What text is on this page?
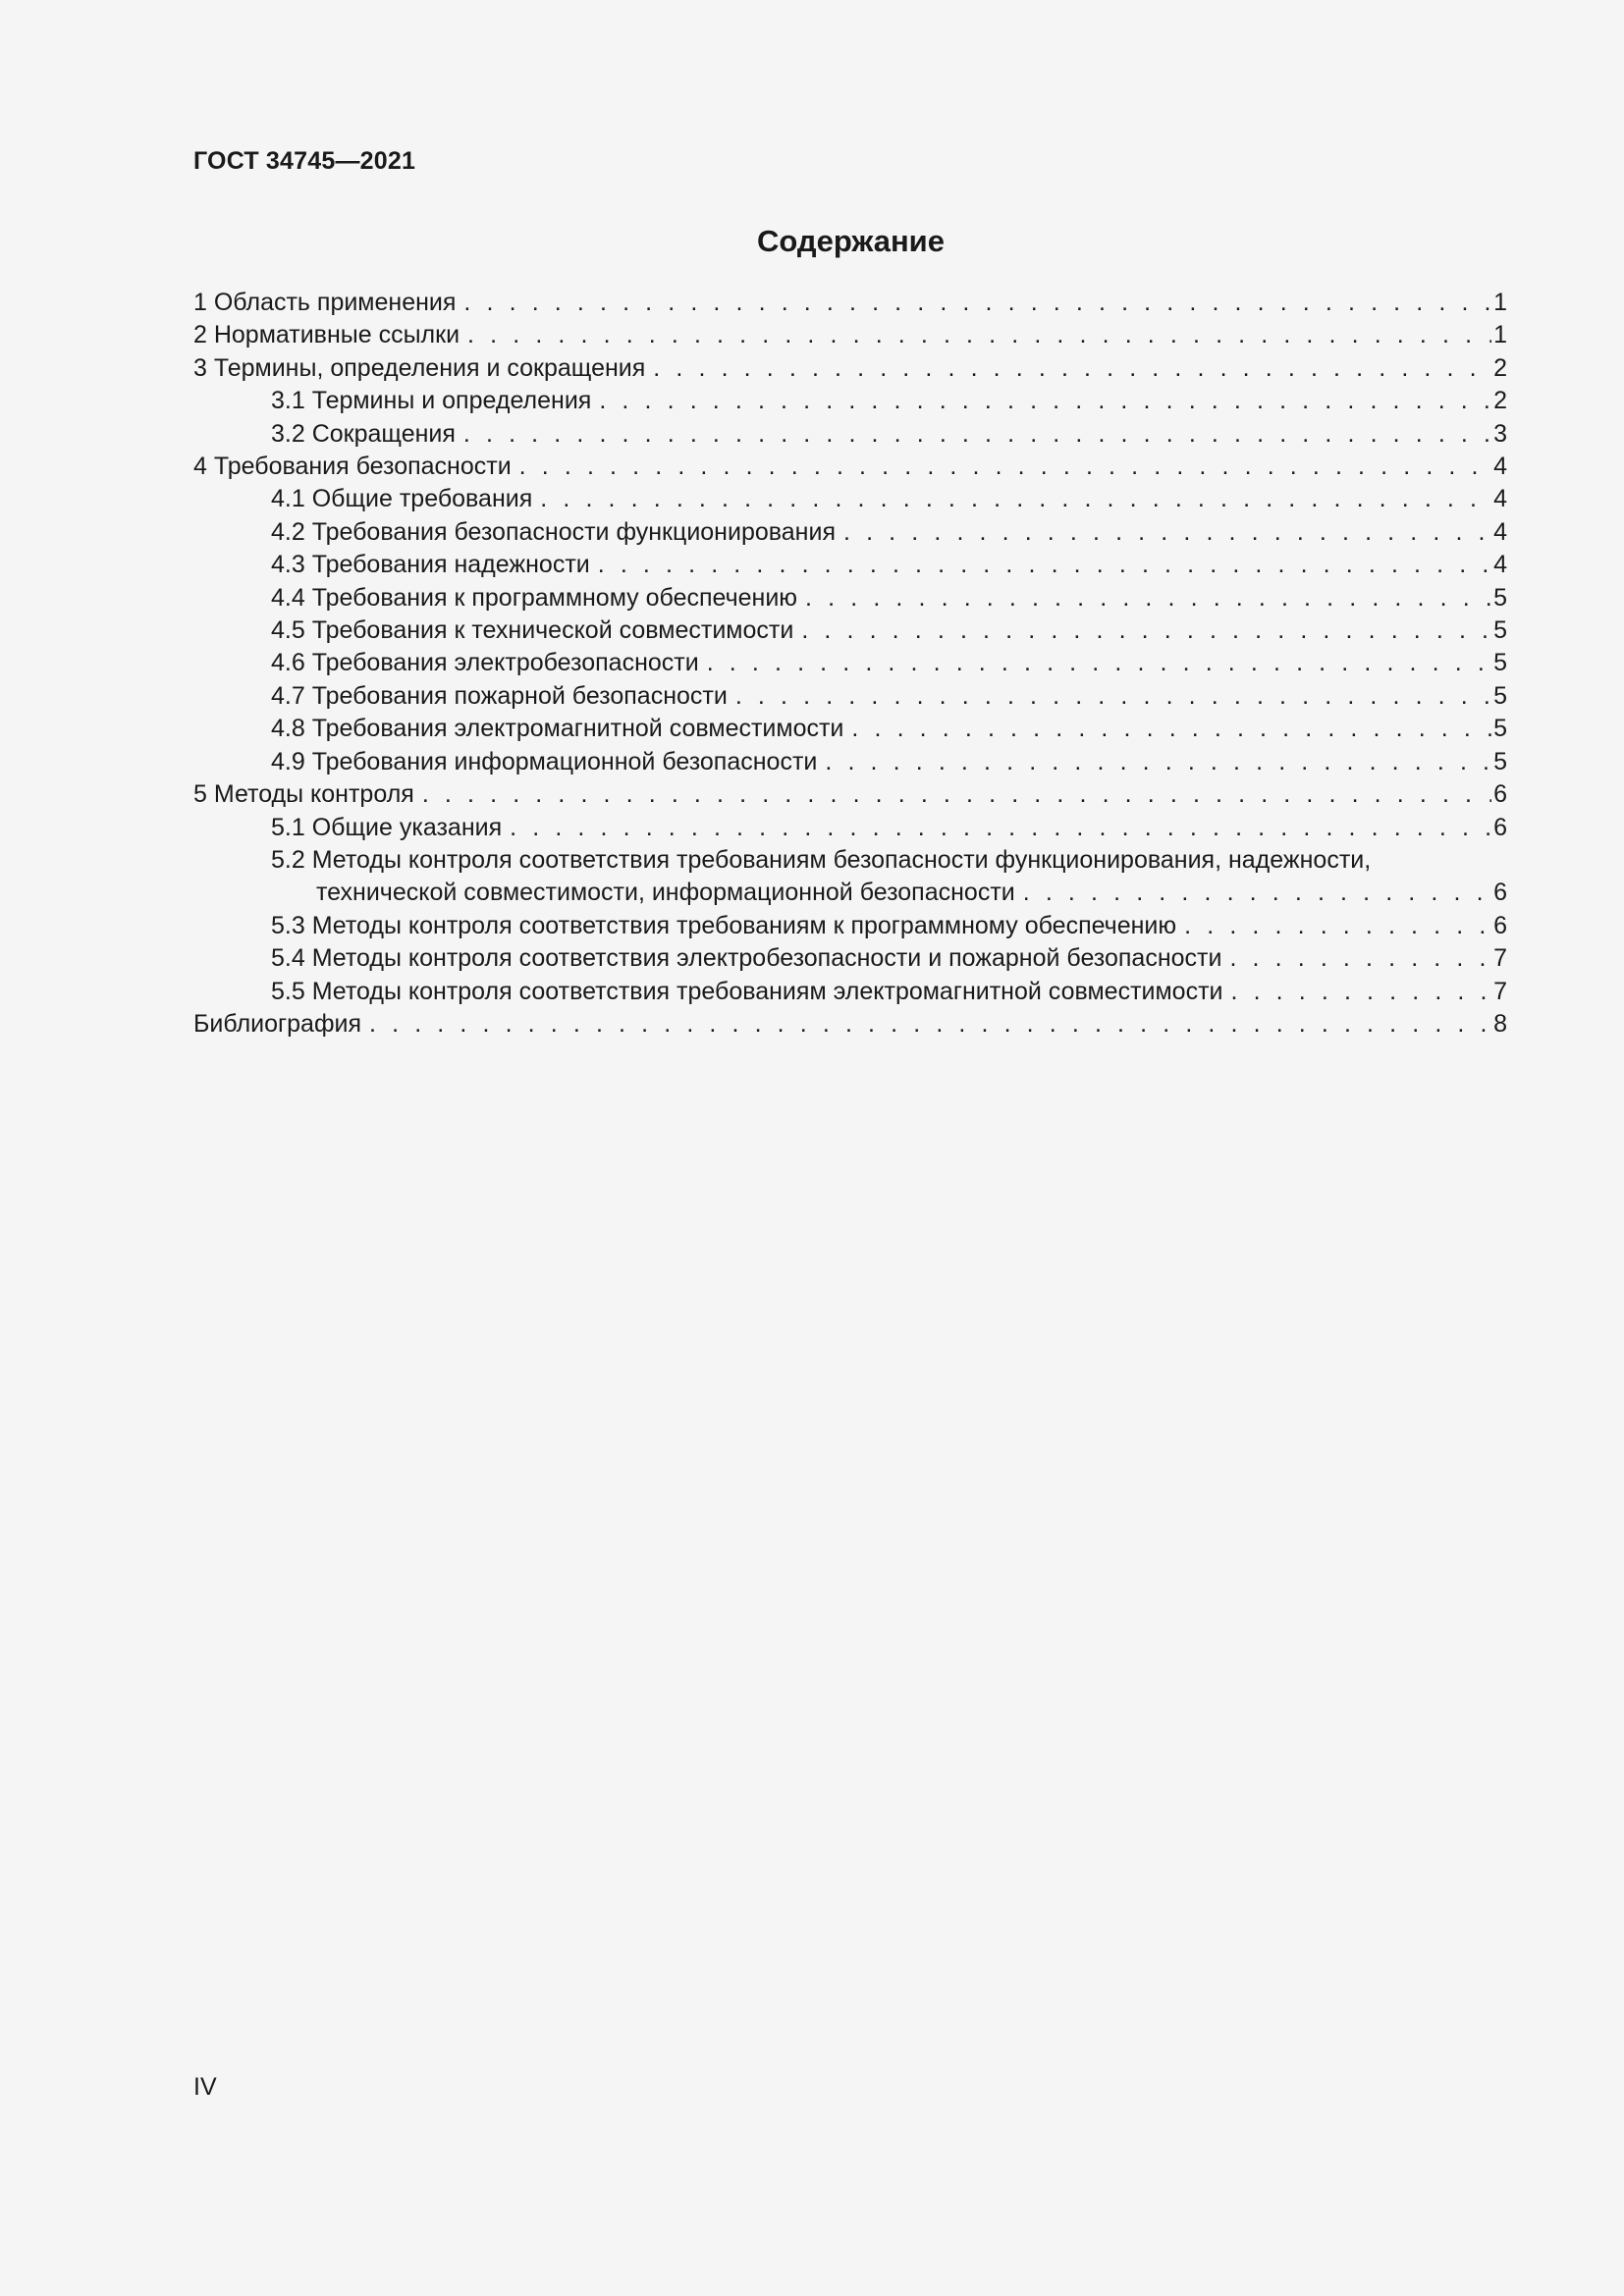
ГОСТ 34745—2021
Содержание
1 Область применения . . .	1
2 Нормативные ссылки . . .	1
3 Термины, определения и сокращения . . .	2
3.1 Термины и определения . . .	2
3.2 Сокращения . . .	3
4 Требования безопасности . . .	4
4.1 Общие требования . . .	4
4.2 Требования безопасности функционирования . . .	4
4.3 Требования надежности . . .	4
4.4 Требования к программному обеспечению . . .	5
4.5 Требования к технической совместимости . . .	5
4.6 Требования электробезопасности . . .	5
4.7 Требования пожарной безопасности . . .	5
4.8 Требования электромагнитной совместимости . . .	5
4.9 Требования информационной безопасности . . .	5
5 Методы контроля . . .	6
5.1 Общие указания . . .	6
5.2 Методы контроля соответствия требованиям безопасности функционирования, надежности,
технической совместимости, информационной безопасности . . .	6
5.3 Методы контроля соответствия требованиям к программному обеспечению . . .	6
5.4 Методы контроля соответствия электробезопасности и пожарной безопасности . . .	7
5.5 Методы контроля соответствия требованиям электромагнитной совместимости . . .	7
Библиография . . .	8
IV
